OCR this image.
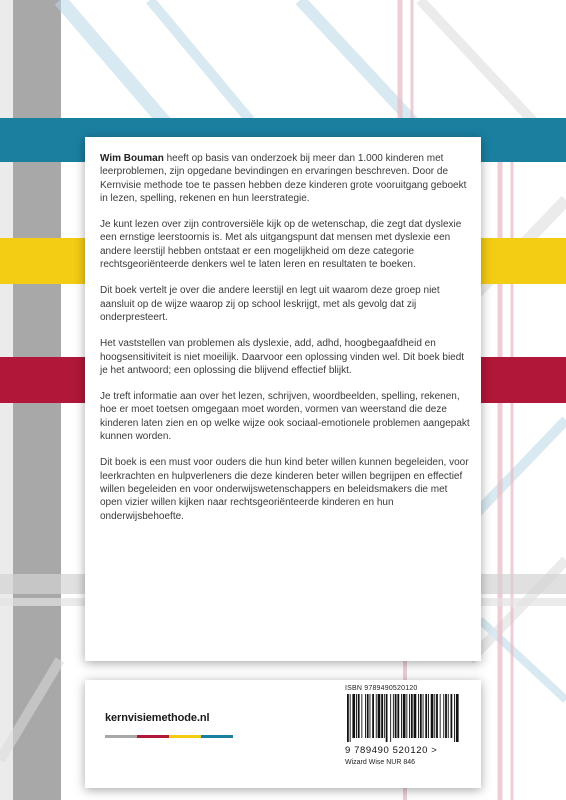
Wim Bouman heeft op basis van onderzoek bij meer dan 1.000 kinderen met leerproblemen, zijn opgedane bevindingen en ervaringen beschreven. Door de Kernvisie methode toe te passen hebben deze kinderen grote vooruitgang geboekt in lezen, spelling, rekenen en hun leerstrategie.

Je kunt lezen over zijn controversiële kijk op de wetenschap, die zegt dat dyslexie een ernstige leerstoornis is. Met als uitgangspunt dat mensen met dyslexie een andere leerstijl hebben ontstaat er een mogelijkheid om deze categorie rechtsgeoriënteerde denkers wel te laten leren en resultaten te boeken.

Dit boek vertelt je over die andere leerstijl en legt uit waarom deze groep niet aansluit op de wijze waarop zij op school leskrijgt, met als gevolg dat zij onderpresteert.

Het vaststellen van problemen als dyslexie, add, adhd, hoogbegaafdheid en hoogsensitiviteit is niet moeilijk. Daarvoor een oplossing vinden wel. Dit boek biedt je het antwoord; een oplossing die blijvend effectief blijkt.

Je treft informatie aan over het lezen, schrijven, woordbeelden, spelling, rekenen, hoe er moet toetsen omgegaan moet worden, vormen van weerstand die deze kinderen laten zien en op welke wijze ook sociaal-emotionele problemen aangepakt kunnen worden.

Dit boek is een must voor ouders die hun kind beter willen kunnen begeleiden, voor leerkrachten en hulpverleners die deze kinderen beter willen begrijpen en effectief willen begeleiden en voor onderwijswetenschappers en beleidsmakers die met open vizier willen kijken naar rechtsgeoriënteerde kinderen en hun onderwijsbehoefte.

kernvisiemethode.nl
ISBN 9789490520120
9 789490 520120 >
Wizard Wise NUR 846
